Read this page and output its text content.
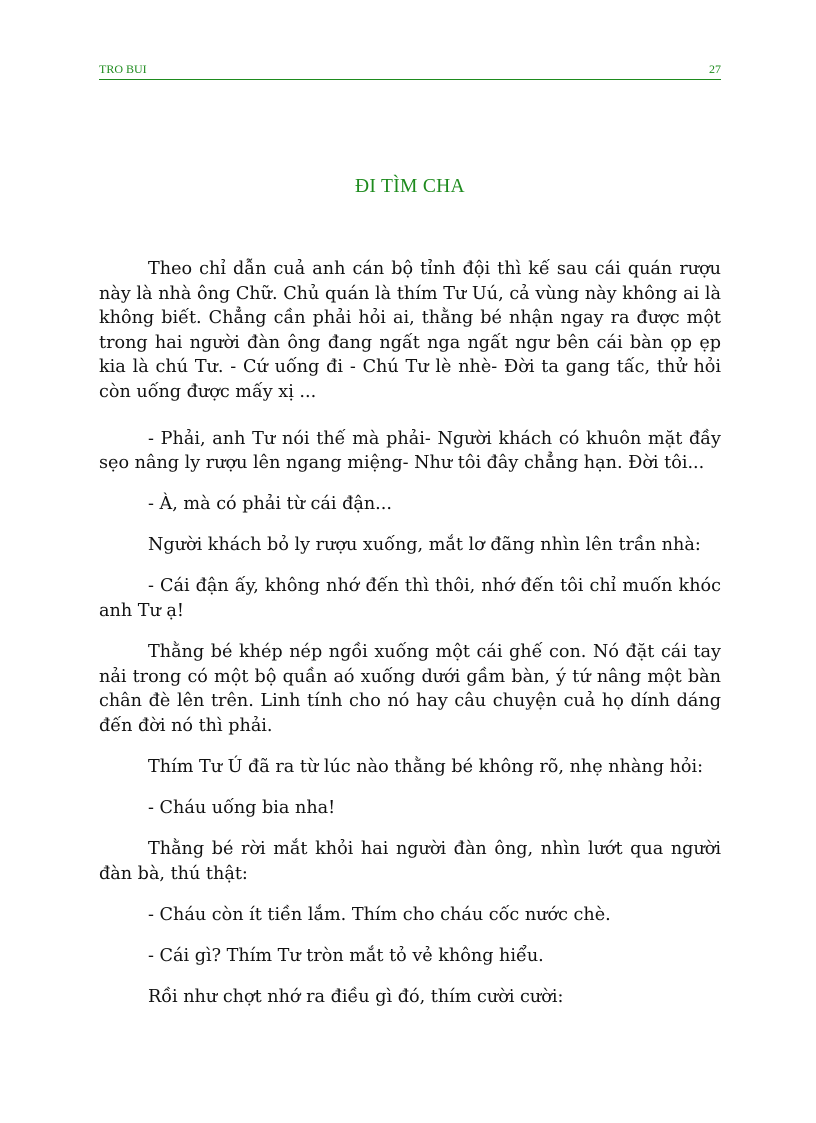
TRO BUI	27
ĐI TÌM CHA

Theo chỉ dẫn cuả anh cán bộ tỉnh đội thì kế sau cái quán rượu này là nhà ông Chữ. Chủ quán là thím Tư Uú, cả vùng này không ai là không biết. Chẳng cần phải hỏi ai, thằng bé nhận ngay ra được một trong hai người đàn ông đang ngất nga ngất ngư bên cái bàn ọp ẹp kia là chú Tư. - Cứ uống đi - Chú Tư lè nhè- Đời ta gang tấc, thử hỏi còn uống được mấy xị ...

- Phải, anh Tư nói thế mà phải- Người khách có khuôn mặt đầy sẹo nâng ly rượu lên ngang miệng- Như tôi đây chẳng hạn. Đời tôi...

- À, mà có phải từ cái đận...

Người khách bỏ ly rượu xuống, mắt lơ đãng nhìn lên trần nhà:

- Cái đận ấy, không nhớ đến thì thôi, nhớ đến tôi chỉ muốn khóc anh Tư ạ!

Thằng bé khép nép ngồi xuống một cái ghế con. Nó đặt cái tay nải trong có một bộ quần aó xuống dưới gầm bàn, ý tứ nâng một bàn chân đè lên trên. Linh tính cho nó hay câu chuyện cuả họ dính dáng đến đời nó thì phải.

Thím Tư Ú đã ra từ lúc nào thằng bé không rõ, nhẹ nhàng hỏi:

- Cháu uống bia nha!

Thằng bé rời mắt khỏi hai người đàn ông, nhìn lướt qua người đàn bà, thú thật:

- Cháu còn ít tiền lắm. Thím cho cháu cốc nước chè.

- Cái gì? Thím Tư tròn mắt tỏ vẻ không hiểu.

Rồi như chợt nhớ ra điều gì đó, thím cười cười:
